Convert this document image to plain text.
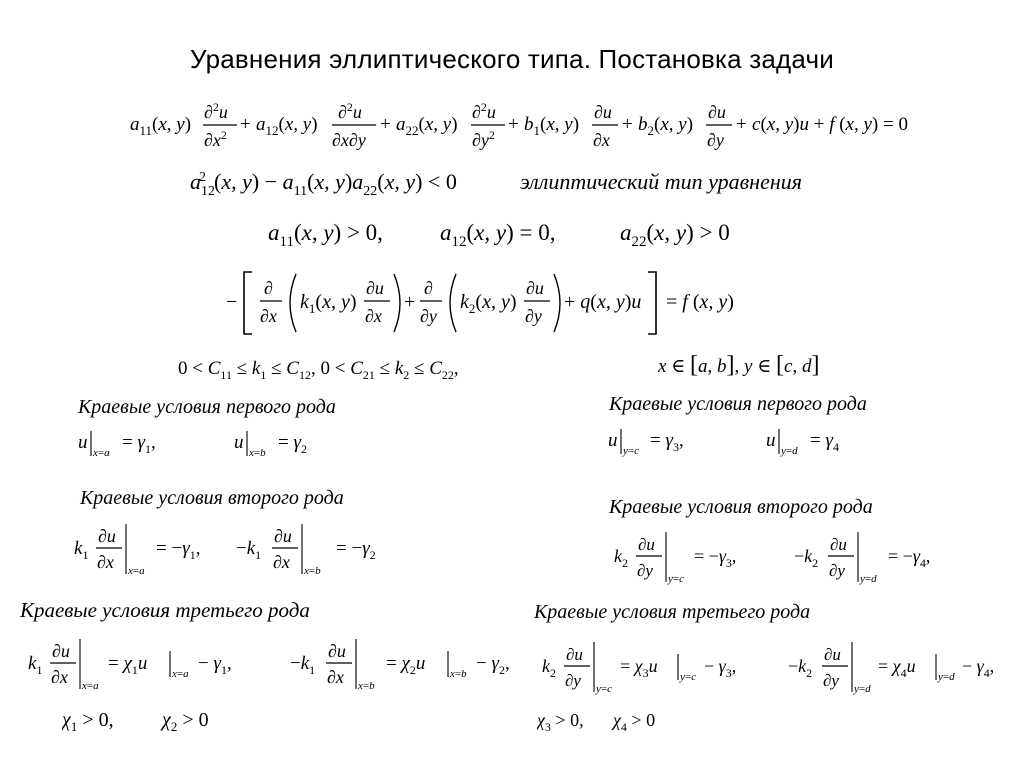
Уравнения эллиптического типа. Постановка задачи
$a_{11}(x$, y)
∂$^2$u
$\partial x^2 + a_{12}(x$, y)
∂$^2$u
∂x∂y
+ $a_{22}(x$, y)
∂$^2$u
$\partial y^2 + b_1(x$, y)
∂u
∂x
+ $b_2(x$, y)
∂u
∂y
+ c(x, y)u + f (x, y) = 0
$a_{12}2$ (x, $y) - a_{11}(x$, $y)a_{22}(x$, y) < 0	эллиптический тип уравнения
$a_{11}(x$, y) > 0, $a_{12}(x$, y) = 0,	$a_{22}(x$, y) > 0
−
∂
∂x
$k_1(x$, y)
∂u
∂x
+
∂
∂y
$k_2(x$, y)
∂u
∂y
+ q(x, y)u = f (x, y)
$0 < C_{11} \le k_1 \le C_{12}$, $0 < C_{21} \le k_2 \le C_{22}$,	x ∈ [a, b], y ∈ [c, d]
Краевые условия первого рода	Краевые условия первого рода
Краевые условия второго рода	Краевые условия второго рода
Краевые условия третьего рода	Краевые условия третьего рода
u $x=a = \gamma_1$,	u $x=b = \gamma_2$	u $y=c = \gamma_3$,	u $y=d = \gamma_4$
$k_1$
∂u
∂x x=a
= $-\gamma_1$, $-k_1$
∂u
∂x x=b
= $-\gamma_2$	$k_2$
∂u
∂y y=c
= $-\gamma_3$,	$-k_2$
∂u
∂y y=d
= $-\gamma_4$,
$k_1$
∂u
∂x x=a
= $\chi_1u$ $x=a - \gamma_1$,	$-k_1$
∂u
∂x x=b
= $\chi_2u$ $x=b - \gamma_2$, $k_2$
∂u
∂y y=c
= $\chi_3u$
y=c
− $\gamma_3$,	$-k_2$
∂u
∂y y=d
= $\chi_4u$
y=d
− $\gamma_4$,
$\chi_1 > 0$, $\chi_2 > 0$	$\chi_3 > 0$, $\chi_4 > 0$
